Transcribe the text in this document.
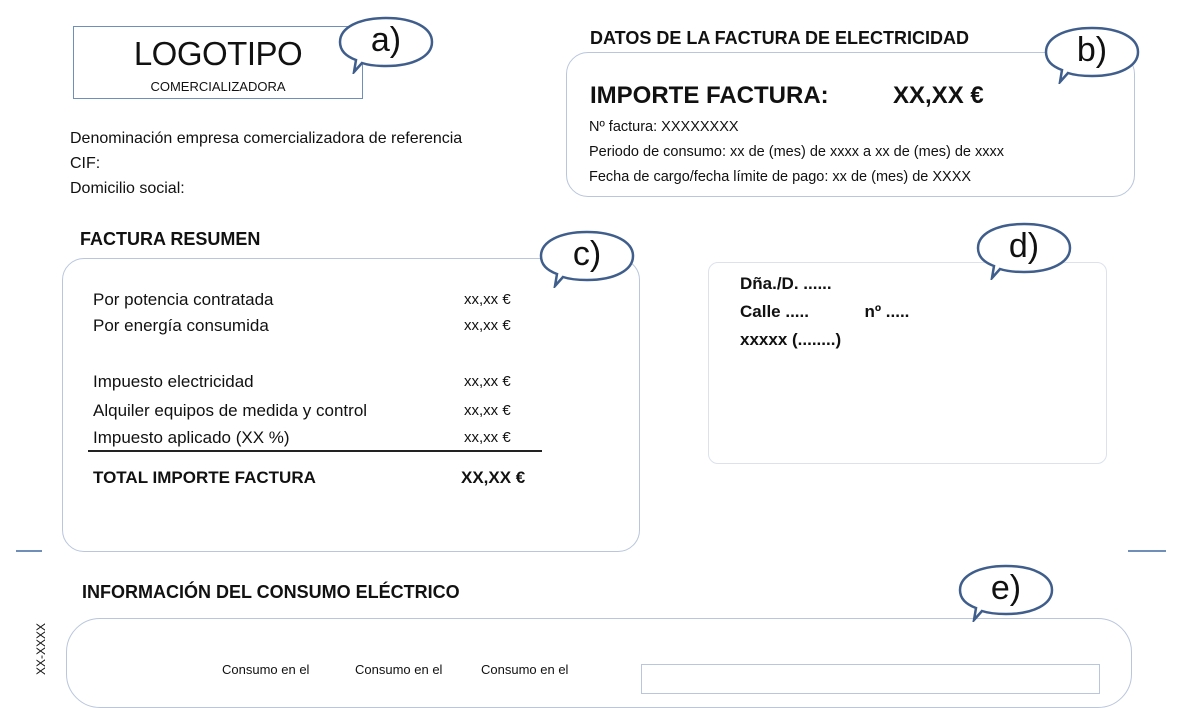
LOGOTIPO
COMERCIALIZADORA
a)
Denominación empresa comercializadora de referencia
CIF:
Domicilio social:
DATOS DE LA FACTURA DE ELECTRICIDAD
IMPORTE FACTURA:	XX,XX €
Nº factura: XXXXXXXX
Periodo de consumo: xx de (mes) de xxxx a xx de (mes) de xxxx
Fecha de cargo/fecha límite de pago: xx de (mes) de XXXX
b)
FACTURA RESUMEN
Por potencia contratada	xx,xx €
Por energía consumida	xx,xx €
Impuesto electricidad	xx,xx €
Alquiler equipos de medida y control	xx,xx €
Impuesto aplicado (XX %)	xx,xx €
TOTAL IMPORTE FACTURA	XX,XX €
c)
Dña./D. ......
Calle .....	nº .....
xxxxx (........)
d)
XX-XXXX
INFORMACIÓN DEL CONSUMO ELÉCTRICO
Consumo en el	Consumo en el	Consumo en el
e)
